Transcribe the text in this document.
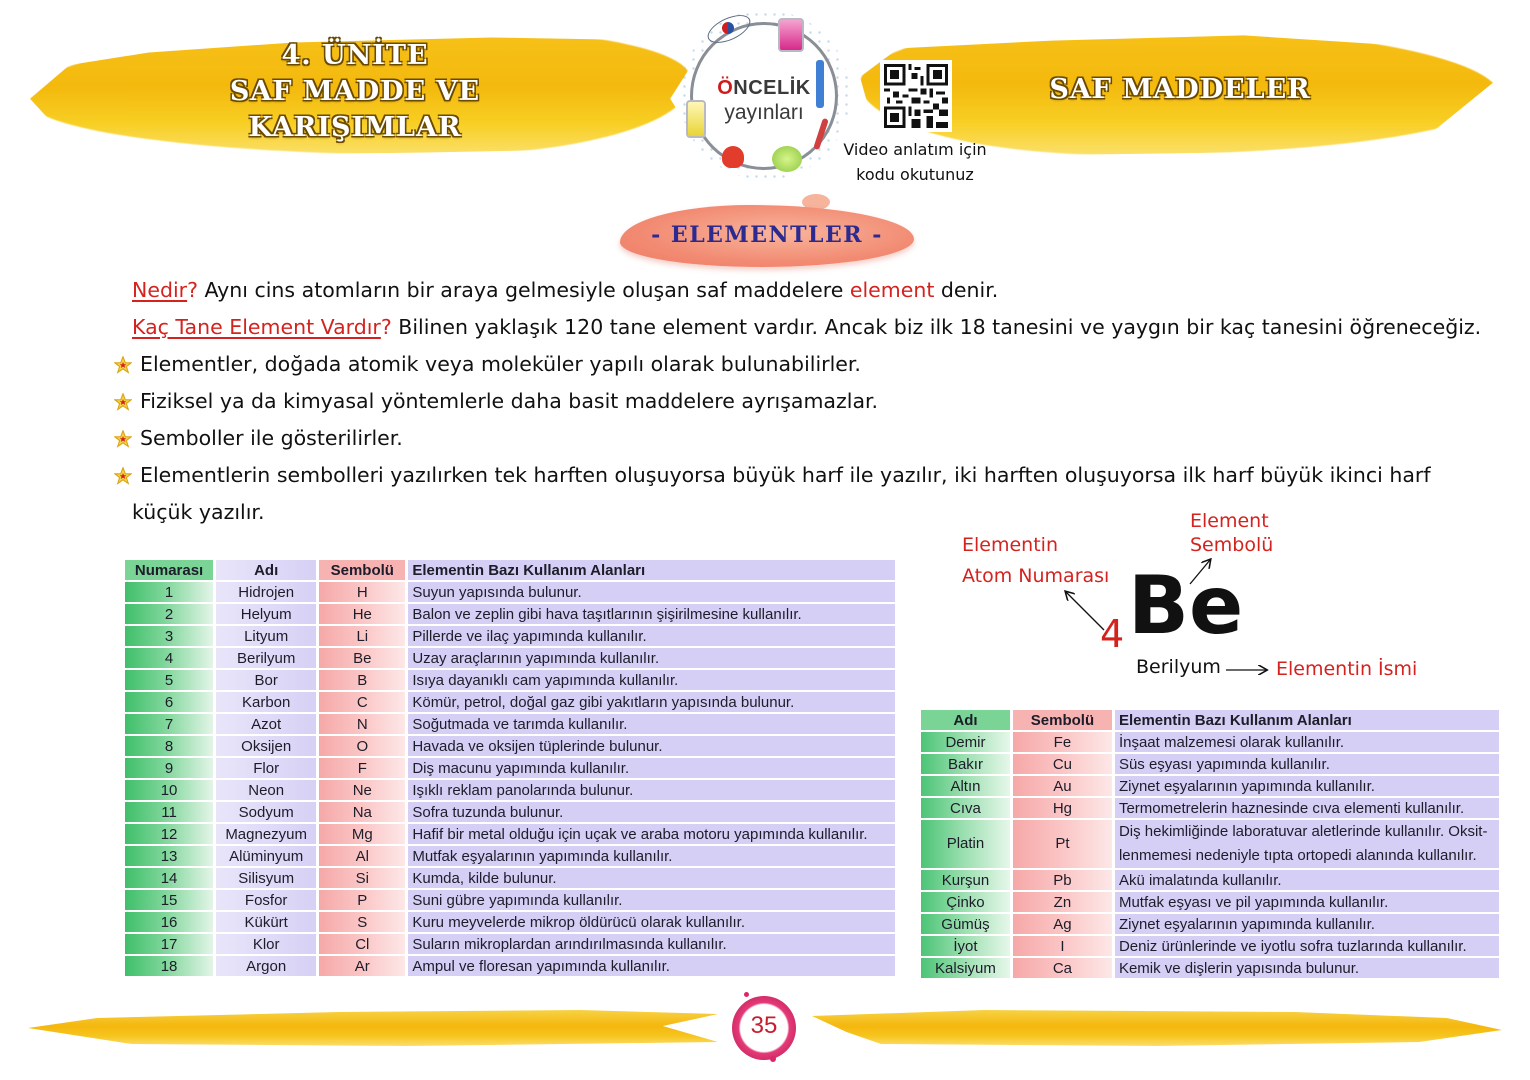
4. ÜNİTE
SAF MADDE VE
KARIŞIMLAR
SAF MADDELER
ÖNCELİK
yayınları
Video anlatım için
kodu okutunuz
- ELEMENTLER -
Nedir? Aynı cins atomların bir araya gelmesiyle oluşan saf maddelere element denir.
Kaç Tane Element Vardır? Bilinen yaklaşık 120 tane element vardır. Ancak biz ilk 18 tanesini ve yaygın bir kaç tanesini öğreneceğiz.
Elementler, doğada atomik veya moleküler yapılı olarak bulunabilirler.
Fiziksel ya da kimyasal yöntemlerle daha basit maddelere ayrışamazlar.
Semboller ile gösterilirler.
Elementlerin sembolleri yazılırken tek harften oluşuyorsa büyük harf ile yazılır, iki harften oluşuyorsa ilk harf büyük ikinci harf
küçük yazılır.
Numarası	Adı	Sembolü	Elementin Bazı Kullanım Alanları
1	Hidrojen	H	Suyun yapısında bulunur.
2	Helyum	He	Balon ve zeplin gibi hava taşıtlarının şişirilmesine kullanılır.
3	Lityum	Li	Pillerde ve ilaç yapımında kullanılır.
4	Berilyum	Be	Uzay araçlarının yapımında kullanılır.
5	Bor	B	Isıya dayanıklı cam yapımında kullanılır.
6	Karbon	C	Kömür, petrol, doğal gaz gibi yakıtların yapısında bulunur.
7	Azot	N	Soğutmada ve tarımda kullanılır.
8	Oksijen	O	Havada ve oksijen tüplerinde bulunur.
9	Flor	F	Diş macunu yapımında kullanılır.
10	Neon	Ne	Işıklı reklam panolarında bulunur.
11	Sodyum	Na	Sofra tuzunda bulunur.
12	Magnezyum	Mg	Hafif bir metal olduğu için uçak ve araba motoru yapımında kullanılır.
13	Alüminyum	Al	Mutfak eşyalarının yapımında kullanılır.
14	Silisyum	Si	Kumda, kilde bulunur.
15	Fosfor	P	Suni gübre yapımında kullanılır.
16	Kükürt	S	Kuru meyvelerde mikrop öldürücü olarak kullanılır.
17	Klor	Cl	Suların mikroplardan arındırılmasında kullanılır.
18	Argon	Ar	Ampul ve floresan yapımında kullanılır.
Elementin
Atom Numarası
Element
Sembolü
4 Be
Berilyum	Elementin İsmi
Adı	Sembolü	Elementin Bazı Kullanım Alanları
Demir	Fe	İnşaat malzemesi olarak kullanılır.
Bakır	Cu	Süs eşyası yapımında kullanılır.
Altın	Au	Ziynet eşyalarının yapımında kullanılır.
Cıva	Hg	Termometrelerin haznesinde cıva elementi kullanılır.
Platin	Pt	Diş hekimliğinde laboratuvar aletlerinde kullanılır. Oksit-lenmemesi nedeniyle tıpta ortopedi alanında kullanılır.
Kurşun	Pb	Akü imalatında kullanılır.
Çinko	Zn	Mutfak eşyası ve pil yapımında kullanılır.
Gümüş	Ag	Ziynet eşyalarının yapımında kullanılır.
İyot	I	Deniz ürünlerinde ve iyotlu sofra tuzlarında kullanılır.
Kalsiyum	Ca	Kemik ve dişlerin yapısında bulunur.
35
